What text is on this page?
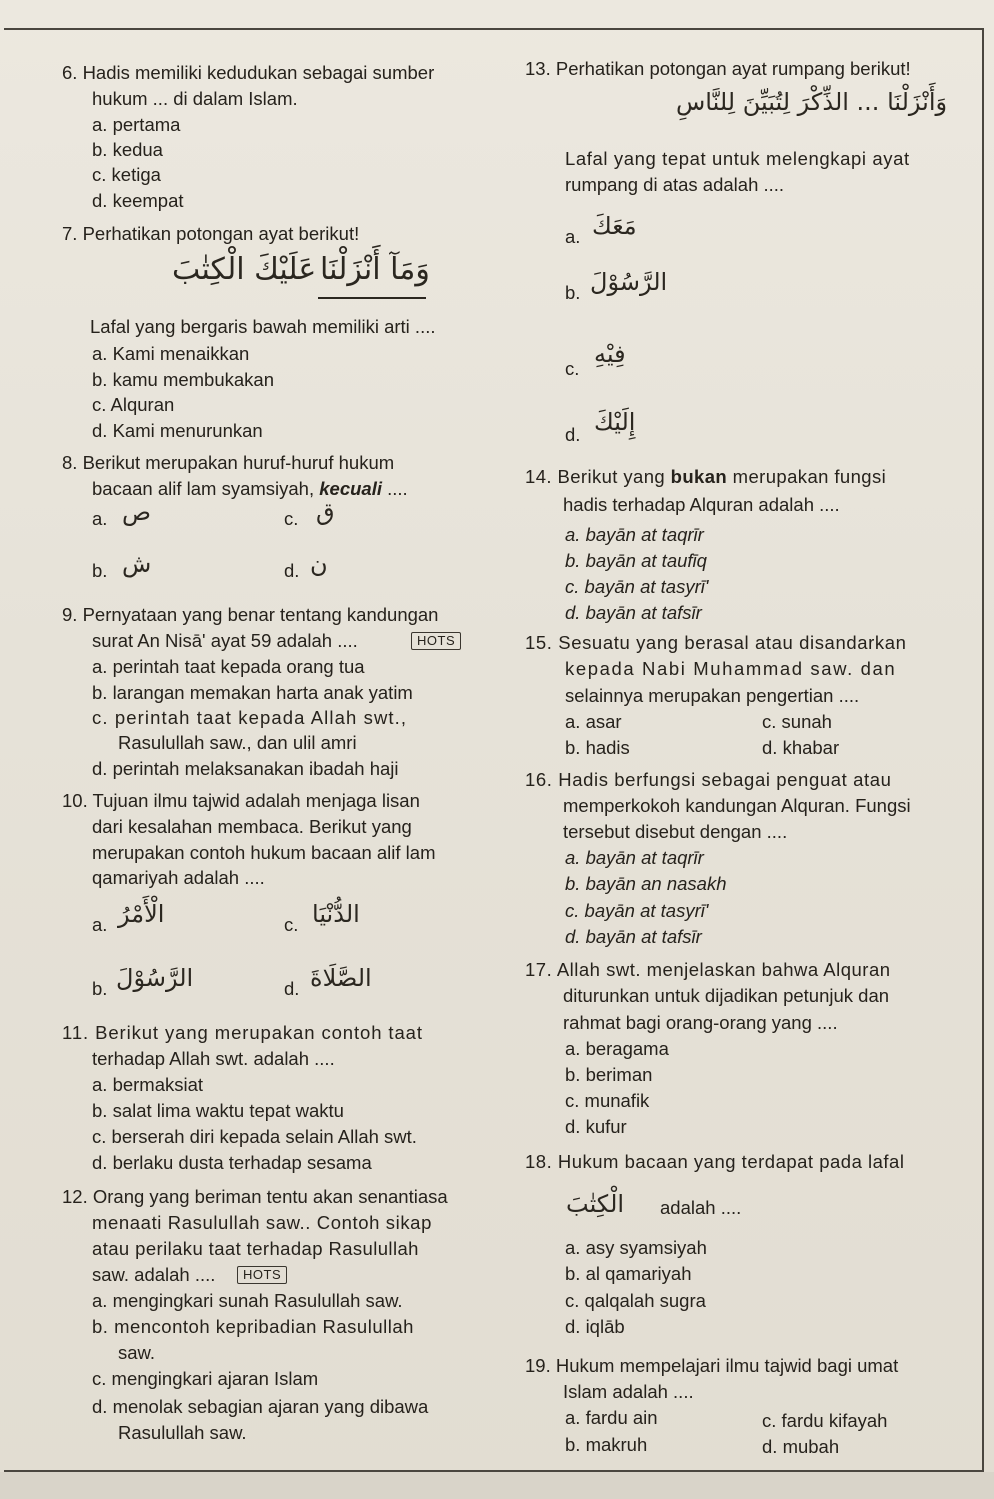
6. Hadis memiliki kedudukan sebagai sumber
hukum ... di dalam Islam.
a. pertama
b. kedua
c. ketiga
d. keempat
7. Perhatikan potongan ayat berikut!
وَمَآ أَنْزَلْنَا
عَلَيْكَ الْكِتٰبَ
Lafal yang bergaris bawah memiliki arti ....
a. Kami menaikkan
b. kamu membukakan
c. Alquran
d. Kami menurunkan
8. Berikut merupakan huruf-huruf hukum
bacaan alif lam syamsiyah, kecuali ....
a. ص	c. ق
b. ش	d. ن
9. Pernyataan yang benar tentang kandungan
surat An Nisā' ayat 59 adalah ....	HOTS
a. perintah taat kepada orang tua
b. larangan memakan harta anak yatim
c. perintah taat kepada Allah swt.,
Rasulullah saw., dan ulil amri
d. perintah melaksanakan ibadah haji
10. Tujuan ilmu tajwid adalah menjaga lisan
dari kesalahan membaca. Berikut yang
merupakan contoh hukum bacaan alif lam
qamariyah adalah ....
a. الْأَمْرُ	c. الدُّنْيَا
b. الرَّسُوْلَ	d. الصَّلَاةَ
11. Berikut yang merupakan contoh taat
terhadap Allah swt. adalah ....
a. bermaksiat
b. salat lima waktu tepat waktu
c. berserah diri kepada selain Allah swt.
d. berlaku dusta terhadap sesama
12. Orang yang beriman tentu akan senantiasa
menaati Rasulullah saw.. Contoh sikap
atau perilaku taat terhadap Rasulullah
saw. adalah ....	HOTS
a. mengingkari sunah Rasulullah saw.
b. mencontoh kepribadian Rasulullah
saw.
c. mengingkari ajaran Islam
d. menolak sebagian ajaran yang dibawa
Rasulullah saw.
13. Perhatikan potongan ayat rumpang berikut!
وَأَنْزَلْنَا ... الذِّكْرَ لِتُبَيِّنَ لِلنَّاسِ
Lafal yang tepat untuk melengkapi ayat
rumpang di atas adalah ....
a. مَعَكَ
b. الرَّسُوْلَ
c.
فِيْهِ
d. إِلَيْكَ
14. Berikut yang bukan merupakan fungsi
hadis terhadap Alquran adalah ....
a. bayān at taqrīr
b. bayān at taufīq
c. bayān at tasyrī'
d. bayān at tafsīr
15. Sesuatu yang berasal atau disandarkan
kepada Nabi Muhammad saw. dan
selainnya merupakan pengertian ....
a. asar	c. sunah
b. hadis	d. khabar
16. Hadis berfungsi sebagai penguat atau
memperkokoh kandungan Alquran. Fungsi
tersebut disebut dengan ....
a. bayān at taqrīr
b. bayān an nasakh
c. bayān at tasyrī'
d. bayān at tafsīr
17. Allah swt. menjelaskan bahwa Alquran
diturunkan untuk dijadikan petunjuk dan
rahmat bagi orang-orang yang ....
a. beragama
b. beriman
c. munafik
d. kufur
18. Hukum bacaan yang terdapat pada lafal
الْكِتٰبَ adalah ....
a. asy syamsiyah
b. al qamariyah
c. qalqalah sugra
d. iqlāb
19. Hukum mempelajari ilmu tajwid bagi umat
Islam adalah ....
a. fardu ain	c. fardu kifayah
b. makruh	d. mubah
